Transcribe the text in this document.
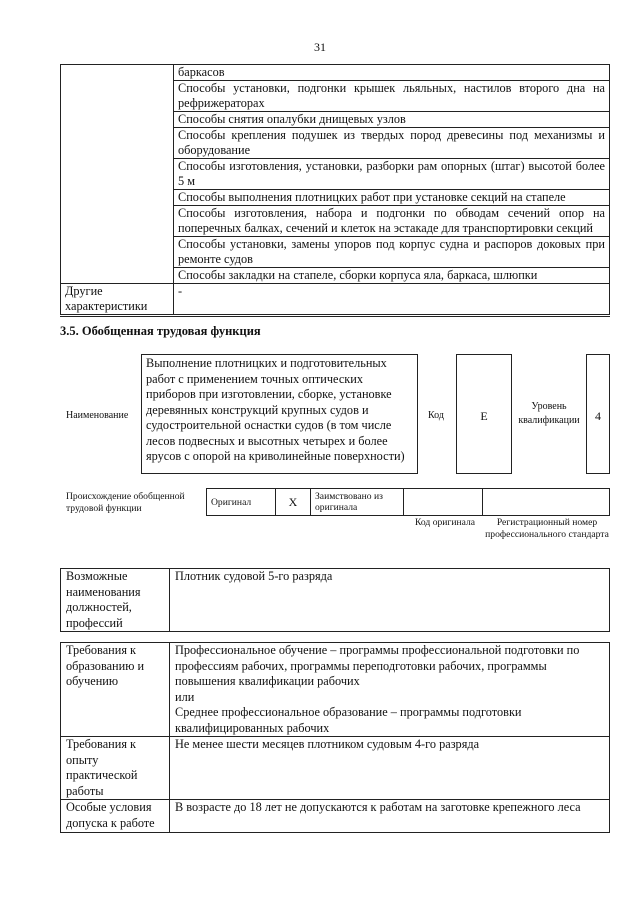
31
	баркасов
	Способы установки, подгонки крышек льяльных, настилов второго дна на рефрижераторах
	Способы снятия опалубки днищевых узлов
	Способы крепления подушек из твердых пород древесины под механизмы и оборудование
	Способы изготовления, установки, разборки рам опорных (штаг) высотой более 5 м
	Способы выполнения плотницких работ при установке секций на стапеле
	Способы изготовления, набора и подгонки по обводам сечений опор на поперечных балках, сечений и клеток на эстакаде для транспортировки секций
	Способы установки, замены упоров под корпус судна и распоров доковых при ремонте судов
	Способы закладки на стапеле, сборки корпуса яла, баркаса, шлюпки
Другие характеристики	-
3.5. Обобщенная трудовая функция
Наименование
Выполнение плотницких и подготовительных работ с применением точных оптических приборов при изготовлении, сборке, установке деревянных конструкций крупных судов и судостроительной оснастки судов (в том числе лесов подвесных и высотных четырех и более ярусов с опорой на криволинейные поверхности)
Код	Е
Уровень квалификации	4
Происхождение обобщенной трудовой функции
Оригинал	X	Заимствовано из оригинала		
Код оригинала	Регистрационный номер профессионального стандарта
Возможные наименования должностей, профессий	Плотник судовой 5-го разряда
Требования к образованию и обучению	Профессиональное обучение – программы профессиональной подготовки по профессиям рабочих, программы переподготовки рабочих, программы повышения квалификации рабочих
или
Среднее профессиональное образование – программы подготовки квалифицированных рабочих

Требования к опыту практической работы	Не менее шести месяцев плотником судовым 4-го разряда
Особые условия допуска к работе	В возрасте до 18 лет не допускаются к работам на заготовке крепежного леса
